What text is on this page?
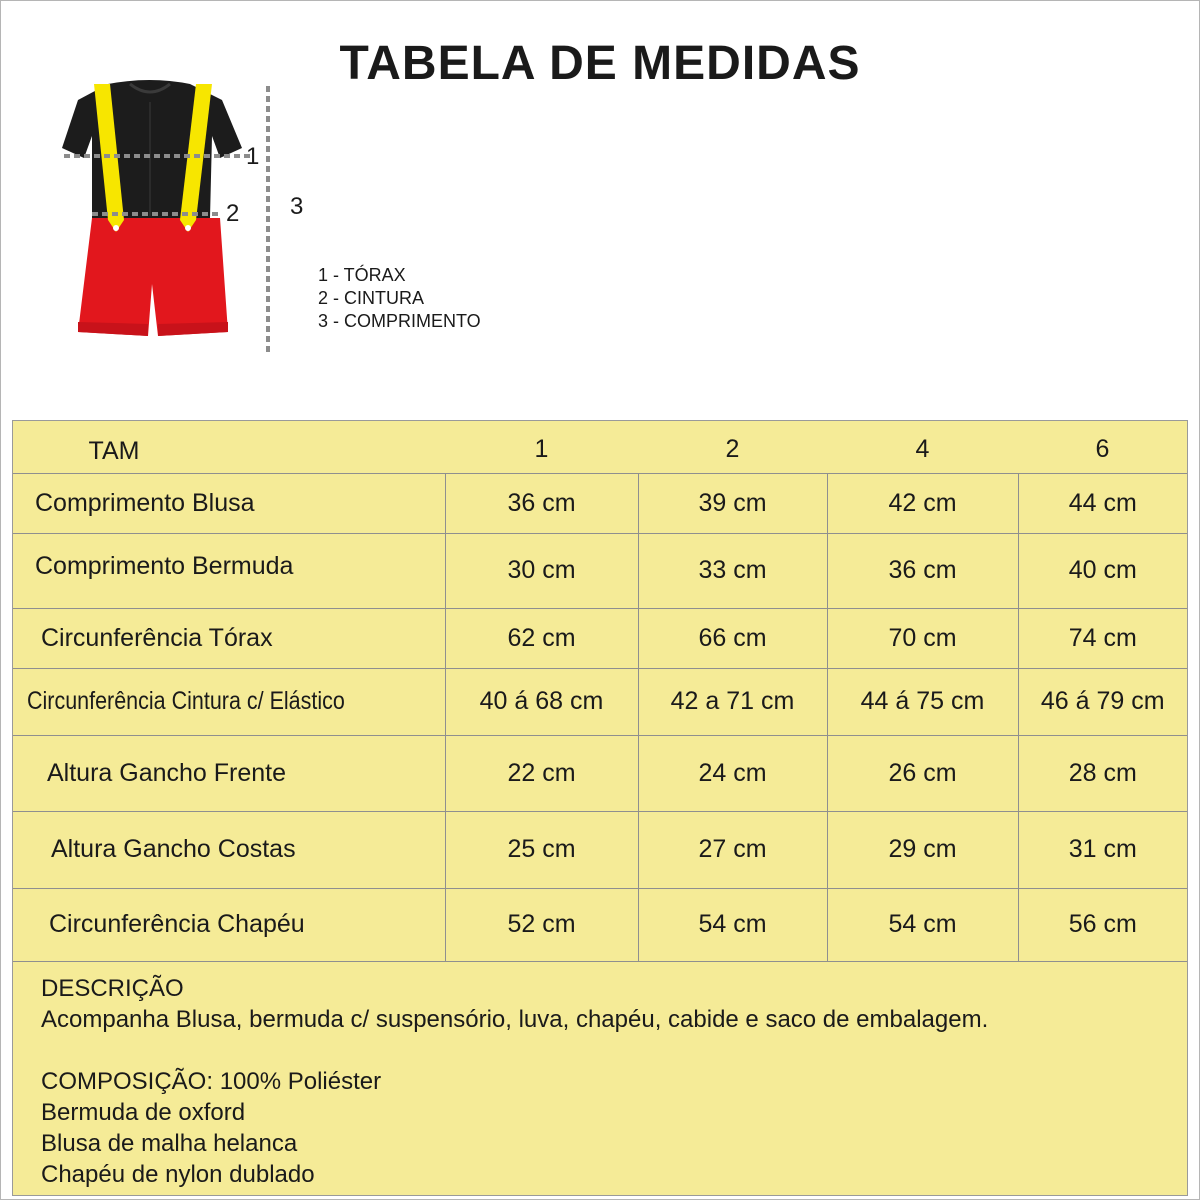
TABELA DE MEDIDAS
1
2 3
1 - TÓRAX
2 - CINTURA
3 - COMPRIMENTO
TAM	1	2	4	6
Comprimento Blusa	36 cm	39 cm	42 cm	44 cm
Comprimento Bermuda	30 cm	33 cm	36 cm	40 cm
Circunferência Tórax	62 cm	66 cm	70 cm	74 cm
Circunferência Cintura c/ Elástico	40 á 68 cm	42 a 71 cm	44 á 75 cm	46 á 79 cm
Altura Gancho Frente	22 cm	24 cm	26 cm	28 cm
Altura Gancho Costas	25 cm	27 cm	29 cm	31 cm
Circunferência Chapéu	52 cm	54 cm	54 cm	56 cm

DESCRIÇÃO

Acompanha Blusa, bermuda c/ suspensório, luva, chapéu, cabide e saco de embalagem.

COMPOSIÇÃO: 100% Poliéster

Bermuda de oxford

Blusa de malha helanca

Chapéu de nylon dublado
